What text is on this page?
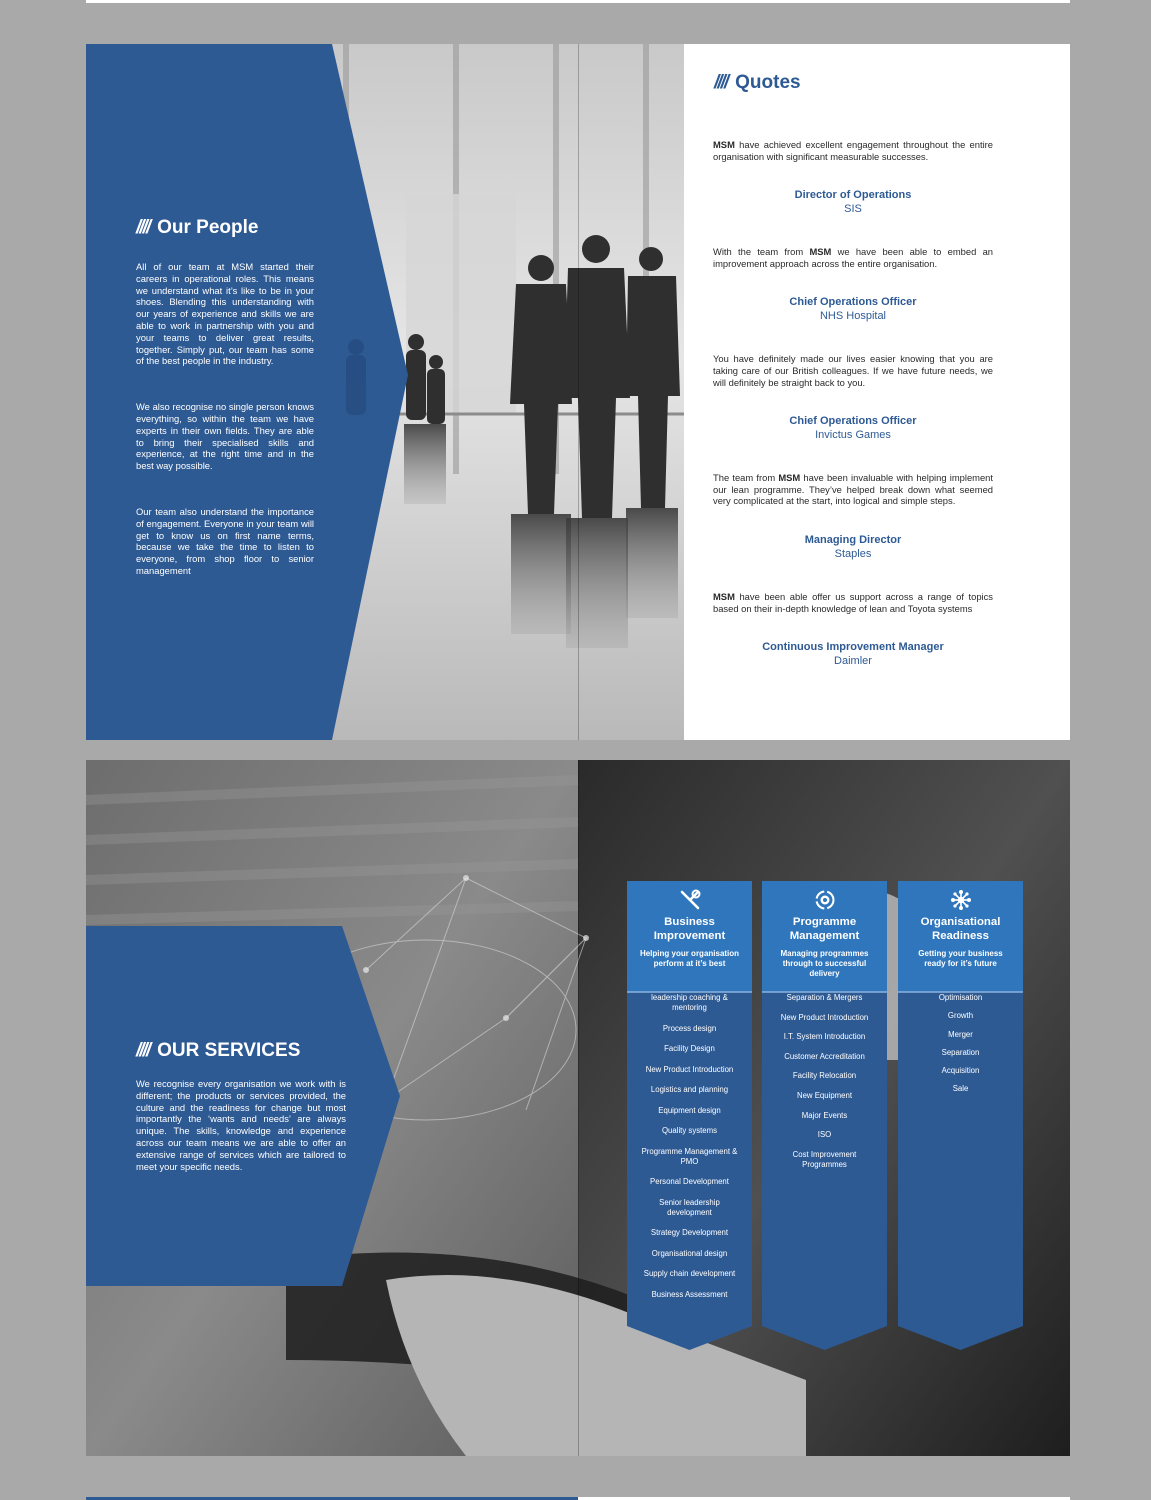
//// Our People

All of our team at MSM started their careers in operational roles. This means we understand what it’s like to be in your shoes. Blending this understanding with our years of experience and skills we are able to work in partnership with you and your teams to deliver great results, together. Simply put, our team has some of the best people in the industry.

We also recognise no single person knows everything, so within the team we have experts in their own fields. They are able to bring their specialised skills and experience, at the right time and in the best way possible.

Our team also understand the importance of engagement. Everyone in your team will get to know us on first name terms, because we take the time to listen to everyone, from shop floor to senior management

//// Quotes

MSM have achieved excellent engagement throughout the entire organisation with significant measurable successes.

Director of Operations
SIS

With the team from MSM we have been able to embed an improvement approach across the entire organisation.

Chief Operations Officer
NHS Hospital

You have definitely made our lives easier knowing that you are taking care of our British colleagues. If we have future needs, we will definitely be straight back to you.

Chief Operations Officer
Invictus Games

The team from MSM have been invaluable with helping implement our lean programme. They’ve helped break down what seemed very complicated at the start, into logical and simple steps.

Managing Director
Staples

MSM have been able offer us support across a range of topics based on their in-depth knowledge of lean and Toyota systems

Continuous Improvement Manager
Daimler
//// OUR SERVICES

We recognise every organisation we work with is different; the products or services provided, the culture and the readiness for change but most importantly the ‘wants and needs’ are always unique. The skills, knowledge and experience across our team means we are able to offer an extensive range of services which are tailored to meet your specific needs.

Business Improvement
Helping your organisation perform at it’s best
leadership coaching & mentoring
Process design
Facility Design
New Product Introduction
Logistics and planning
Equipment design
Quality systems
Programme Management & PMO
Personal Development
Senior leadership development
Strategy Development
Organisational design
Supply chain development
Business Assessment
Programme Management
Managing programmes through to successful delivery
Separation & Mergers
New Product Introduction
I.T. System Introduction
Customer Accreditation
Facility Relocation
New Equipment
Major Events
ISO
Cost Improvement Programmes
Organisational Readiness
Getting your business ready for it’s future
Optimisation
Growth
Merger
Separation
Acquisition
Sale
